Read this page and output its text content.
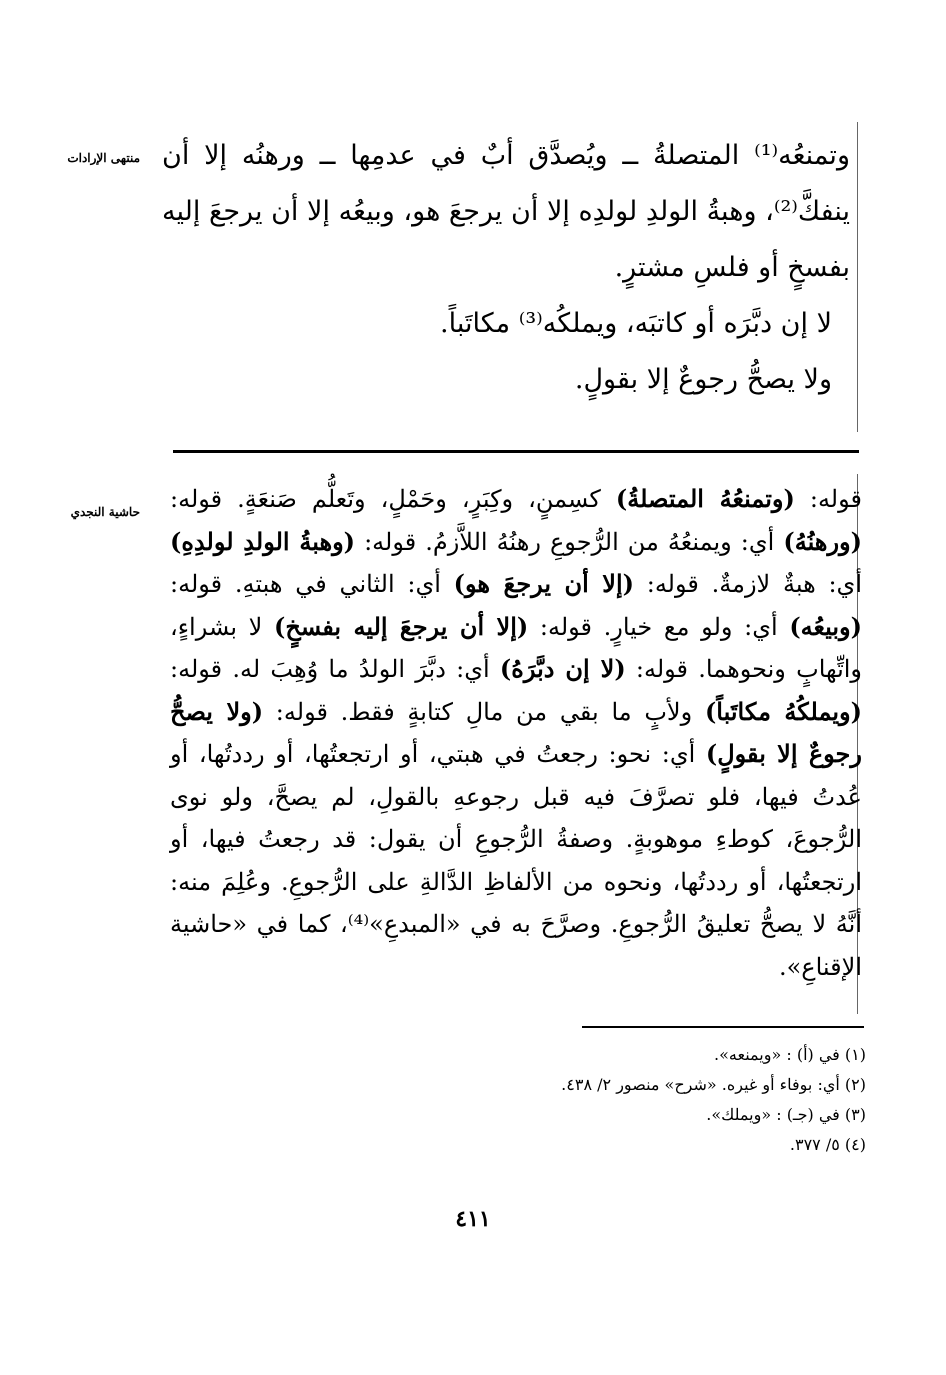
منتهى الإرادات وتمنعُه⁽¹⁾ المتصلةُ ــ ويُصدَّق أبٌ في عدمِها ــ ورهنُه إلا أن ينفكَّ⁽²⁾، وهبةُ الولدِ لولدِه إلا أن يرجعَ هو، وبيعُه إلا أن يرجعَ إليه بفسخٍ أو فلسِ مشترٍ.

لا إن دبَّرَه أو كاتبَه، ويملكُه⁽³⁾ مكاتَباً.

ولا يصحُّ رجوعٌ إلا بقولٍ.

حاشية النجدي	قوله: (وتمنعُهُ المتصلةُ) كسِمنٍ، وكِبَرٍ، وحَمْلٍ، وتَعلُّم صَنعَةٍ. قوله: (ورهنُهُ) أي: ويمنعُهُ من الرُّجوعِ رهنُهُ اللاَّزمُ. قوله: (وهبةُ الولدِ لولدِهِ) أي: هبةٌ لازمةٌ. قوله: (إلا أن يرجعَ هو) أي: الثاني في هبتهِ. قوله: (وبيعُه) أي: ولو مع خيارٍ. قوله: (إلا أن يرجعَ إليه بفسخٍ) لا بشراءٍ، واتِّهابٍ ونحوهما. قوله: (لا إن دبَّرَهُ) أي: دبَّرَ الولدُ ما وُهِبَ له. قوله: (ويملكُهُ مكاتَباً) ولأبٍ ما بقي من مالِ كتابةٍ فقط. قوله: (ولا يصحُّ رجوعٌ إلا بقولٍ) أي: نحو: رجعتُ في هبتي، أو ارتجعتُها، أو رددتُها، أو عُدتُ فيها، فلو تصرَّفَ فيه قبل رجوعهِ بالقولِ، لم يصحَّ، ولو نوى الرُّجوعَ، كوطءِ موهوبةٍ. وصفةُ الرُّجوعِ أن يقول: قد رجعتُ فيها، أو ارتجعتُها، أو رددتُها، ونحوه من الألفاظِ الدَّالةِ على الرُّجوعِ. وعُلِمَ منه: أنَّهُ لا يصحُّ تعليقُ الرُّجوعِ. وصرَّحَ به في «المبدعِ»⁽⁴⁾، كما في «حاشية الإقناعِ».
(١) في (أ) : «ويمنعه».
(٢) أي: بوفاء أو غيره. «شرح» منصور ٢/ ٤٣٨.
(٣) في (جـ) : «ويملك».
(٤) ٥/ ٣٧٧.
٤١١
